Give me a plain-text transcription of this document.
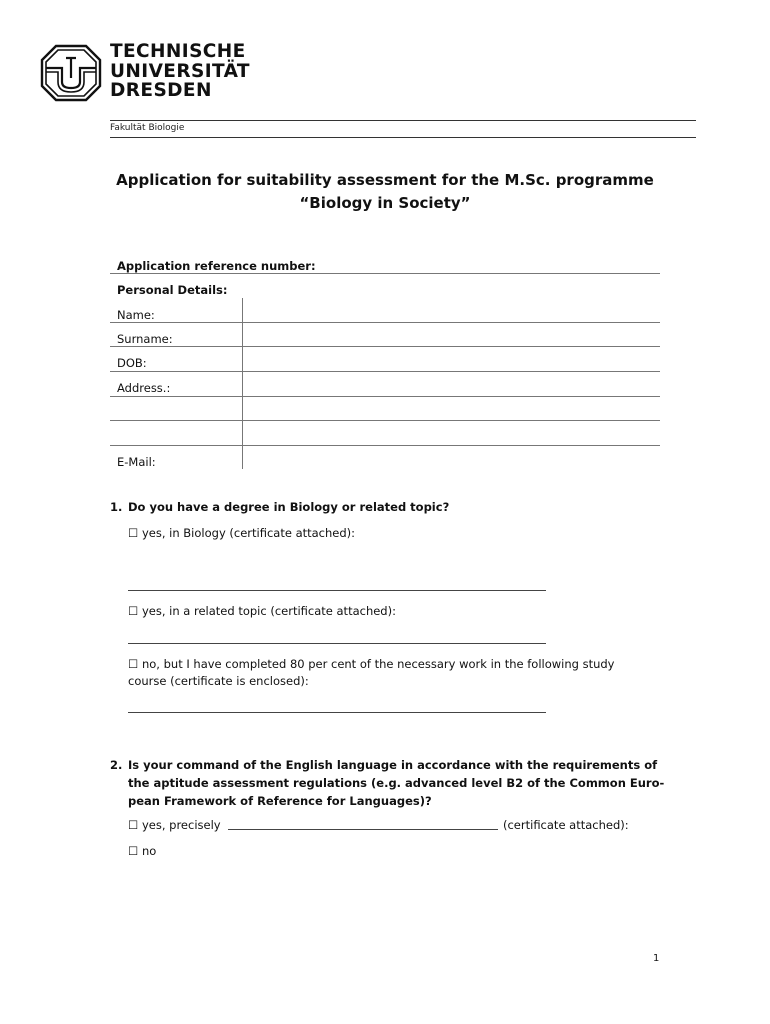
TECHNISCHE
UNIVERSITÄT
DRESDEN
Fakultät Biologie
Application for suitability assessment for the M.Sc. programme
“Biology in Society”
Application reference number:
Personal Details:
Name:
Surname:
DOB:
Address.:
E-Mail:
1. Do you have a degree in Biology or related topic?
☐ yes, in Biology (certificate attached):
☐ yes, in a related topic (certificate attached):
☐ no, but I have completed 80 per cent of the necessary work in the following study
course (certificate is enclosed):
2. Is your command of the English language in accordance with the requirements of
the aptitude assessment regulations (e.g. advanced level B2 of the Common Euro-
pean Framework of Reference for Languages)?
☐ yes, precisely	(certificate attached):
☐ no
1
